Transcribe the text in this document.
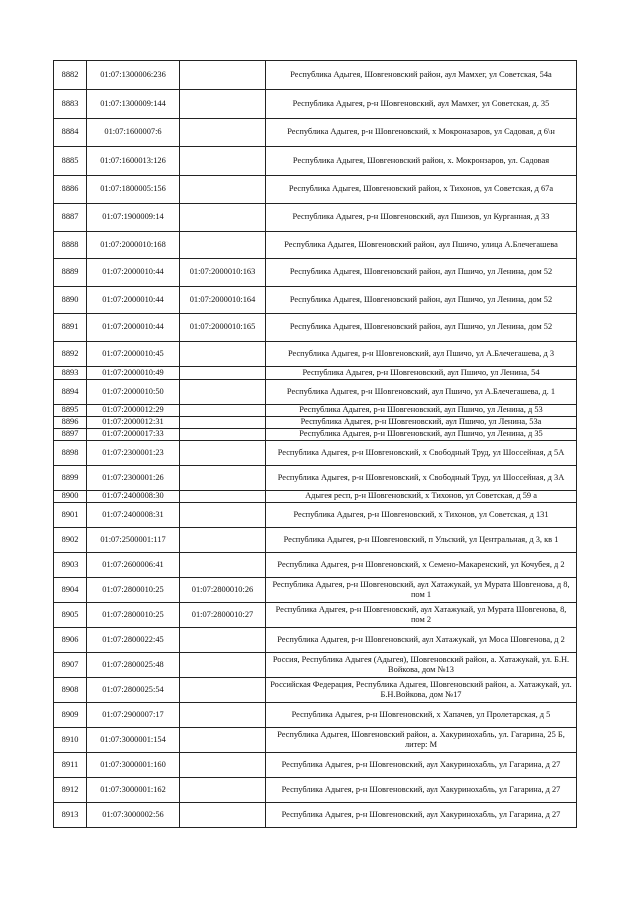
8882	01:07:1300006:236		Республика Адыгея, Шовгеновский район, аул Мамхег, ул Советская, 54а
8883	01:07:1300009:144		Республика Адыгея, р-н Шовгеновский, аул Мамхег, ул Советская, д. 35
8884	01:07:1600007:6		Республика Адыгея, р-н Шовгеновский, х Мокроназаров, ул Садовая, д 6\н
8885	01:07:1600013:126		Республика Адыгея, Шовгеновский район, х. Мокронзаров, ул. Садовая
8886	01:07:1800005:156		Республика Адыгея, Шовгеновский район, х Тихонов, ул Советская, д 67а
8887	01:07:1900009:14		Республика Адыгея, р-н Шовгеновский, аул Пшизов, ул Курганная, д 33
8888	01:07:2000010:168		Республика Адыгея, Шовгеновский район, аул Пшичо, улица А.Блечегашева
8889	01:07:2000010:44	01:07:2000010:163	Республика Адыгея, Шовгеновский район, аул Пшичо, ул Ленина, дом 52
8890	01:07:2000010:44	01:07:2000010:164	Республика Адыгея, Шовгеновский район, аул Пшичо, ул Ленина, дом 52
8891	01:07:2000010:44	01:07:2000010:165	Республика Адыгея, Шовгеновский район, аул Пшичо, ул Ленина, дом 52
8892	01:07:2000010:45		Республика Адыгея, р-н Шовгеновский, аул Пшичо, ул А.Блечегашева, д 3
8893	01:07:2000010:49		Республика Адыгея, р-н Шовгеновский, аул Пшичо, ул Ленина, 54
8894	01:07:2000010:50		Республика Адыгея, р-н Шовгеновский, аул Пшичо, ул А.Блечегашева, д. 1
8895	01:07:2000012:29		Республика Адыгея, р-н Шовгеновский, аул Пшичо, ул Ленина, д 53
8896	01:07:2000012:31		Республика Адыгея, р-н Шовгеновский, аул Пшичо, ул Ленина, 53а
8897	01:07:2000017:33		Республика Адыгея, р-н Шовгеновский, аул Пшичо, ул Ленина, д 35
8898	01:07:2300001:23		Республика Адыгея, р-н Шовгеновский, х Свободный Труд, ул Шоссейная, д 5А
8899	01:07:2300001:26		Республика Адыгея, р-н Шовгеновский, х Свободный Труд, ул Шоссейная, д 3А
8900	01:07:2400008:30		Адыгея респ, р-н Шовгеновский, х Тихонов, ул Советская, д 59 а
8901	01:07:2400008:31		Республика Адыгея, р-н Шовгеновский, х Тихонов, ул Советская, д 131
8902	01:07:2500001:117		Республика Адыгея, р-н Шовгеновский, п Ульский, ул Центральная, д 3, кв 1
8903	01:07:2600006:41		Республика Адыгея, р-н Шовгеновский, х Семено-Макаренский, ул Кочубея, д 2
8904	01:07:2800010:25	01:07:2800010:26	Республика Адыгея, р-н Шовгеновский, аул Хатажукай, ул Мурата Шовгенова, д 8, пом 1
8905	01:07:2800010:25	01:07:2800010:27	Республика Адыгея, р-н Шовгеновский, аул Хатажукай, ул Мурата Шовгенова, 8, пом 2
8906	01:07:2800022:45		Республика Адыгея, р-н Шовгеновский, аул Хатажукай, ул Моса Шовгенова, д 2
8907	01:07:2800025:48		Россия, Республика Адыгея (Адыгея), Шовгеновский район, а. Хатажукай, ул. Б.Н. Войкова, дом №13
8908	01:07:2800025:54		Российская Федерация, Республика Адыгея, Шовгеновский район, а. Хатажукай, ул. Б.Н.Войкова, дом №17
8909	01:07:2900007:17		Республика Адыгея, р-н Шовгеновский, х Хапачев, ул Пролетарская, д 5
8910	01:07:3000001:154		Республика Адыгея, Шовгеновский район, а. Хакуринохабль, ул. Гагарина, 25 Б, литер: М
8911	01:07:3000001:160		Республика Адыгея, р-н Шовгеновский, аул Хакуринохабль, ул Гагарина, д 27
8912	01:07:3000001:162		Республика Адыгея, р-н Шовгеновский, аул Хакуринохабль, ул Гагарина, д 27
8913	01:07:3000002:56		Республика Адыгея, р-н Шовгеновский, аул Хакуринохабль, ул Гагарина, д 27
